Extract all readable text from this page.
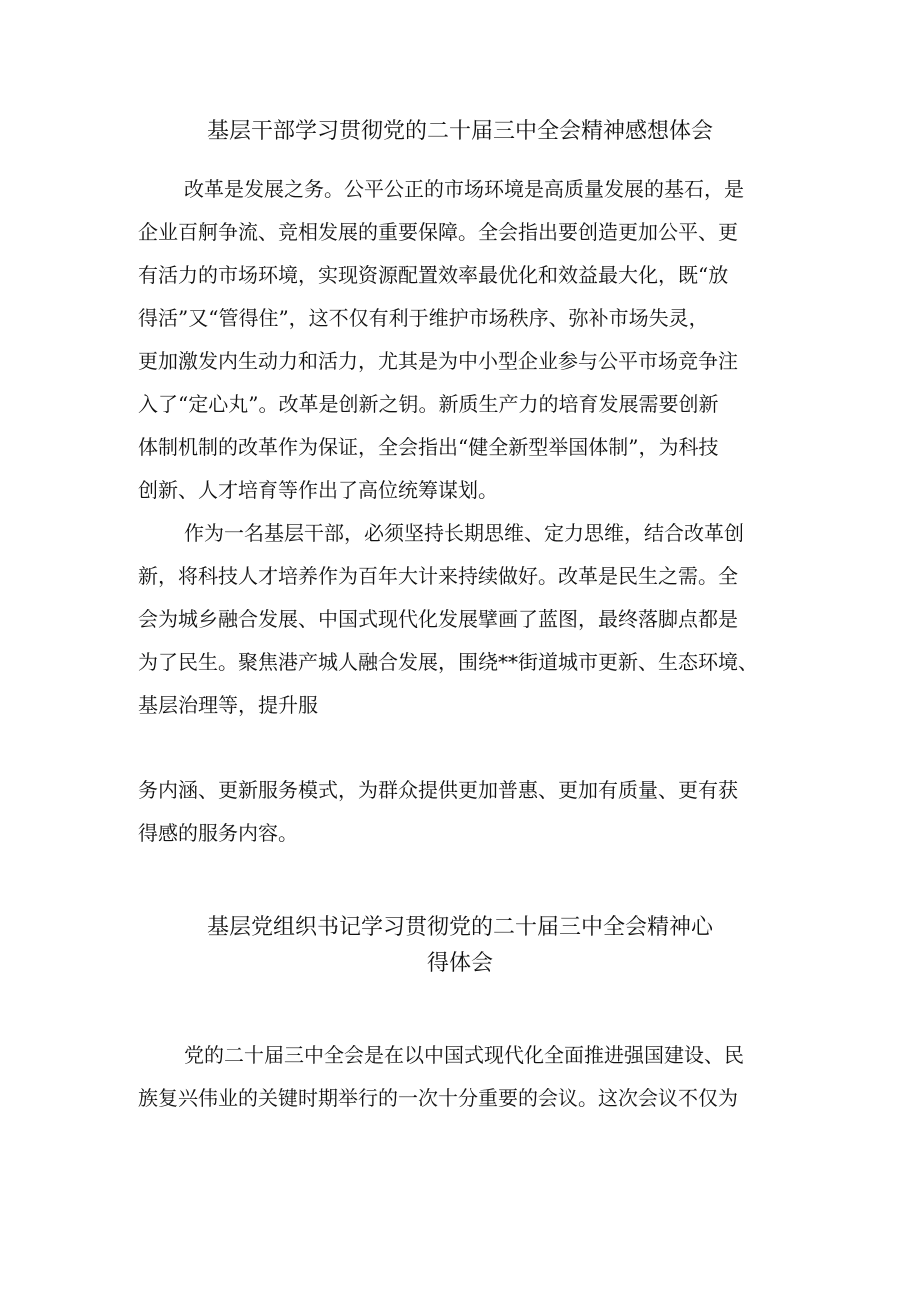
基层干部学习贯彻党的二十届三中全会精神感想体会
改革是发展之务。公平公正的市场环境是高质量发展的基石，是
企业百舸争流、竞相发展的重要保障。全会指出要创造更加公平、更
有活力的市场环境，实现资源配置效率最优化和效益最大化，既“放
得活”又“管得住”，这不仅有利于维护市场秩序、弥补市场失灵，
更加激发内生动力和活力，尤其是为中小型企业参与公平市场竞争注
入了“定心丸”。改革是创新之钥。新质生产力的培育发展需要创新
体制机制的改革作为保证，全会指出“健全新型举国体制”，为科技
创新、人才培育等作出了高位统筹谋划。
作为一名基层干部，必须坚持长期思维、定力思维，结合改革创
新，将科技人才培养作为百年大计来持续做好。改革是民生之需。全
会为城乡融合发展、中国式现代化发展擘画了蓝图，最终落脚点都是
为了民生。聚焦港产城人融合发展，围绕**街道城市更新、生态环境、
基层治理等，提升服
务内涵、更新服务模式，为群众提供更加普惠、更加有质量、更有获
得感的服务内容。
基层党组织书记学习贯彻党的二十届三中全会精神心
得体会
党的二十届三中全会是在以中国式现代化全面推进强国建设、民
族复兴伟业的关键时期举行的一次十分重要的会议。这次会议不仅为
